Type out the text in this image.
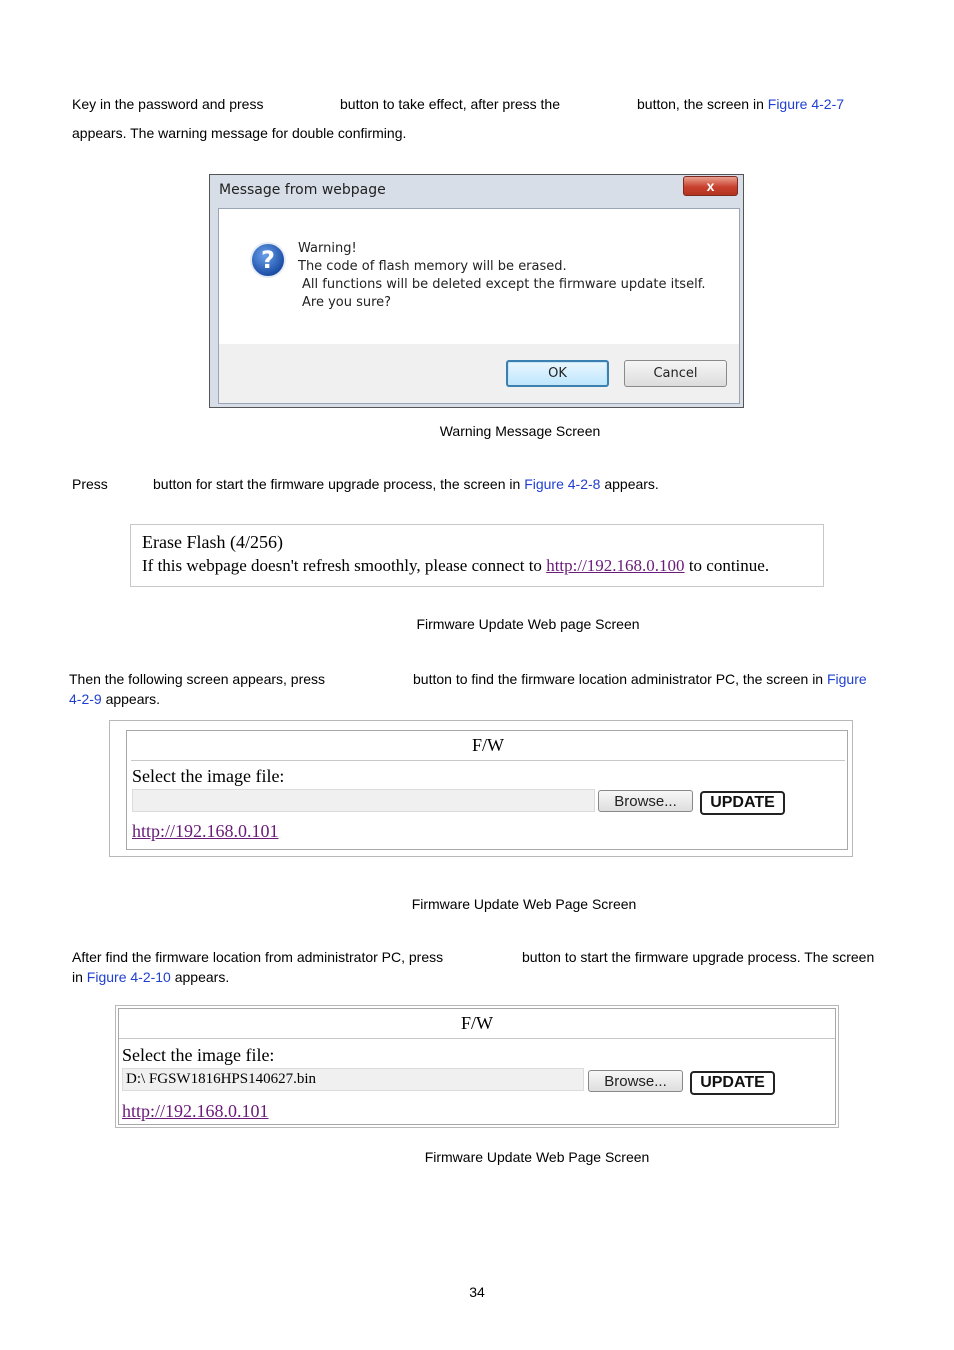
Key in the password and press	button to take effect, after press the	button, the screen in Figure 4-2-7
appears. The warning message for double confirming.
Message from webpage	x
?	Warning!
The code of flash memory will be erased.
All functions will be deleted except the firmware update itself.
Are you sure?
OK	Cancel
Warning Message Screen
Press	button for start the firmware upgrade process, the screen in Figure 4-2-8 appears.
Erase Flash (4/256)
If this webpage doesn't refresh smoothly, please connect to http://192.168.0.100 to continue.
Firmware Update Web page Screen
Then the following screen appears, press	button to find the firmware location administrator PC, the screen in Figure
4-2-9 appears.
F/W
Select the image file:
Browse...	UPDATE
http://192.168.0.101
Firmware Update Web Page Screen
After find the firmware location from administrator PC, press	button to start the firmware upgrade process. The screen
in Figure 4-2-10 appears.
F/W
Select the image file:
D:\ FGSW1816HPS140627.bin	Browse...	UPDATE
http://192.168.0.101
Firmware Update Web Page Screen
34
